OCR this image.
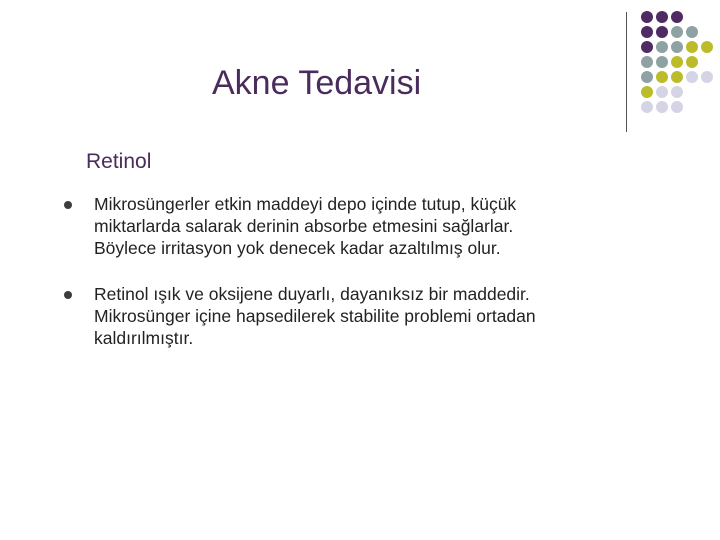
Akne Tedavisi
Retinol
Mikrosüngerler etkin maddeyi depo içinde tutup, küçük
miktarlarda salarak derinin absorbe etmesini sağlarlar.
Böylece irritasyon yok denecek kadar azaltılmış olur.
Retinol ışık ve oksijene duyarlı, dayanıksız bir maddedir.
Mikrosünger içine hapsedilerek stabilite problemi ortadan
kaldırılmıştır.
